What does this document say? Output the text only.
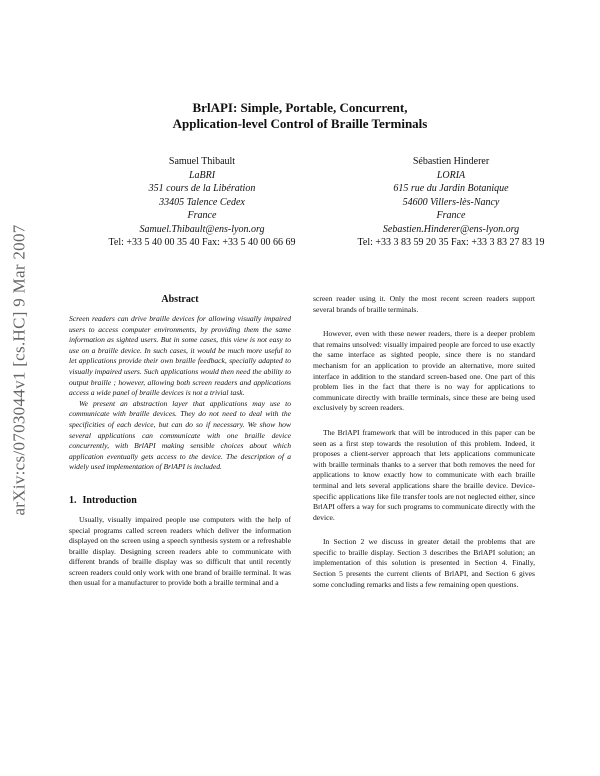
arXiv:cs/0703044v1 [cs.HC] 9 Mar 2007
BrlAPI: Simple, Portable, Concurrent,
Application-level Control of Braille Terminals
Samuel Thibault
LaBRI
351 cours de la Libération
33405 Talence Cedex
France
Samuel.Thibault@ens-lyon.org
Tel: +33 5 40 00 35 40 Fax: +33 5 40 00 66 69
Sébastien Hinderer
LORIA
615 rue du Jardin Botanique
54600 Villers-lès-Nancy
France
Sebastien.Hinderer@ens-lyon.org
Tel: +33 3 83 59 20 35 Fax: +33 3 83 27 83 19
Abstract

Screen readers can drive braille devices for allowing visually impaired users to access computer environments, by providing them the same information as sighted users. But in some cases, this view is not easy to use on a braille device. In such cases, it would be much more useful to let applications provide their own braille feedback, specially adapted to visually impaired users. Such applications would then need the ability to output braille ; however, allowing both screen readers and applications access a wide panel of braille devices is not a trivial task.

We present an abstraction layer that applications may use to communicate with braille devices. They do not need to deal with the specificities of each device, but can do so if necessary. We show how several applications can communicate with one braille device concurrently, with BrlAPI making sensible choices about which application eventually gets access to the device. The description of a widely used implementation of BrlAPI is included.

1. Introduction

Usually, visually impaired people use computers with the help of special programs called screen readers which deliver the information displayed on the screen using a speech synthesis system or a refreshable braille display. Designing screen readers able to communicate with different brands of braille display was so difficult that until recently screen readers could only work with one brand of braille terminal. It was then usual for a manufacturer to provide both a braille terminal and a

screen reader using it. Only the most recent screen readers support several brands of braille terminals.

However, even with these newer readers, there is a deeper problem that remains unsolved: visually impaired people are forced to use exactly the same interface as sighted people, since there is no standard mechanism for an application to provide an alternative, more suited interface in addition to the standard screen-based one. One part of this problem lies in the fact that there is no way for applications to communicate directly with braille terminals, since these are being used exclusively by screen readers.

The BrlAPI framework that will be introduced in this paper can be seen as a first step towards the resolution of this problem. Indeed, it proposes a client-server approach that lets applications communicate with braille terminals thanks to a server that both removes the need for applications to know exactly how to communicate with each braille terminal and lets several applications share the braille device. Device-specific applications like file transfer tools are not neglected either, since BrlAPI offers a way for such programs to communicate directly with the device.

In Section 2 we discuss in greater detail the problems that are specific to braille display. Section 3 describes the BrlAPI solution; an implementation of this solution is presented in Section 4. Finally, Section 5 presents the current clients of BrlAPI, and Section 6 gives some concluding remarks and lists a few remaining open questions.
